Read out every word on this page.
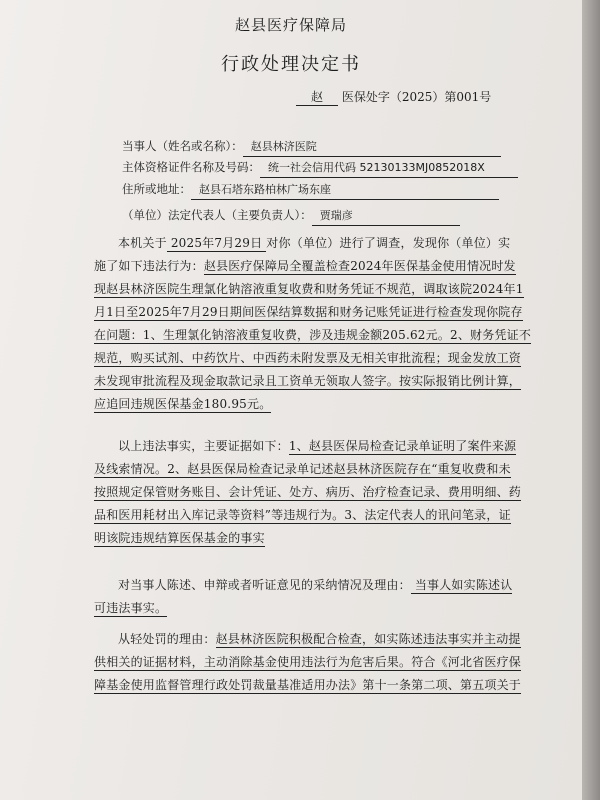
赵县医疗保障局
行政处理决定书
赵 医保处字（2025）第001号
当事人（姓名或名称）： 赵县林济医院
主体资格证件名称及号码： 统一社会信用代码 52130133MJ0852018X
住所或地址： 赵县石塔东路柏林广场东座
（单位）法定代表人（主要负责人）： 贾瑞彦
本机关于 2025年7月29日 对你（单位）进行了调查，发现你（单位）实
施了如下违法行为：赵县医疗保障局全覆盖检查2024年医保基金使用情况时发
现赵县林济医院生理氯化钠溶液重复收费和财务凭证不规范，调取该院2024年1
月1日至2025年7月29日期间医保结算数据和财务记账凭证进行检查发现你院存
在问题：1、生理氯化钠溶液重复收费，涉及违规金额205.62元。2、财务凭证不
规范，购买试剂、中药饮片、中西药未附发票及无相关审批流程；现金发放工资
未发现审批流程及现金取款记录且工资单无领取人签字。按实际报销比例计算，
应追回违规医保基金180.95元。
以上违法事实，主要证据如下：1、赵县医保局检查记录单证明了案件来源
及线索情况。2、赵县医保局检查记录单记述赵县林济医院存在“重复收费和未
按照规定保管财务账目、会计凭证、处方、病历、治疗检查记录、费用明细、药
品和医用耗材出入库记录等资料”等违规行为。3、法定代表人的讯问笔录，证
明该院违规结算医保基金的事实
对当事人陈述、申辩或者听证意见的采纳情况及理由： 当事人如实陈述认
可违法事实。
从轻处罚的理由：赵县林济医院积极配合检查，如实陈述违法事实并主动提
供相关的证据材料，主动消除基金使用违法行为危害后果。符合《河北省医疗保
障基金使用监督管理行政处罚裁量基准适用办法》第十一条第二项、第五项关于
